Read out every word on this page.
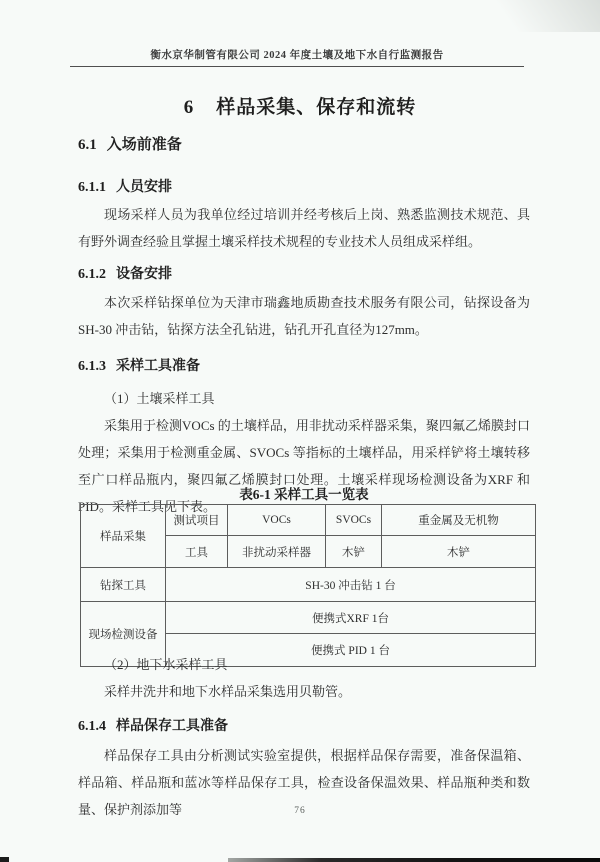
衡水京华制管有限公司 2024 年度土壤及地下水自行监测报告
6 样品采集、保存和流转
6.1 入场前准备
6.1.1 人员安排
现场采样人员为我单位经过培训并经考核后上岗、熟悉监测技术规范、具有野外调查经验且掌握土壤采样技术规程的专业技术人员组成采样组。
6.1.2 设备安排
本次采样钻探单位为天津市瑞鑫地质勘查技术服务有限公司，钻探设备为SH-30 冲击钻，钻探方法全孔钻进，钻孔开孔直径为127mm。
6.1.3 采样工具准备
（1）土壤采样工具
采集用于检测VOCs 的土壤样品，用非扰动采样器采集，聚四氟乙烯膜封口处理；采集用于检测重金属、SVOCs 等指标的土壤样品，用采样铲将土壤转移至广口样品瓶内，聚四氟乙烯膜封口处理。土壤采样现场检测设备为XRF 和PID。采样工具见下表。
表6-1 采样工具一览表
样品采集	测试项目	VOCs	SVOCs	重金属及无机物
	工具	非扰动采样器	木铲	木铲
钻探工具	SH-30 冲击钻 1 台			
现场检测设备	便携式XRF 1台			
	便携式 PID 1 台			
（2）地下水采样工具
采样井洗井和地下水样品采集选用贝勒管。
6.1.4 样品保存工具准备
样品保存工具由分析测试实验室提供，根据样品保存需要，准备保温箱、样品箱、样品瓶和蓝冰等样品保存工具，检查设备保温效果、样品瓶种类和数量、保护剂添加等	76
